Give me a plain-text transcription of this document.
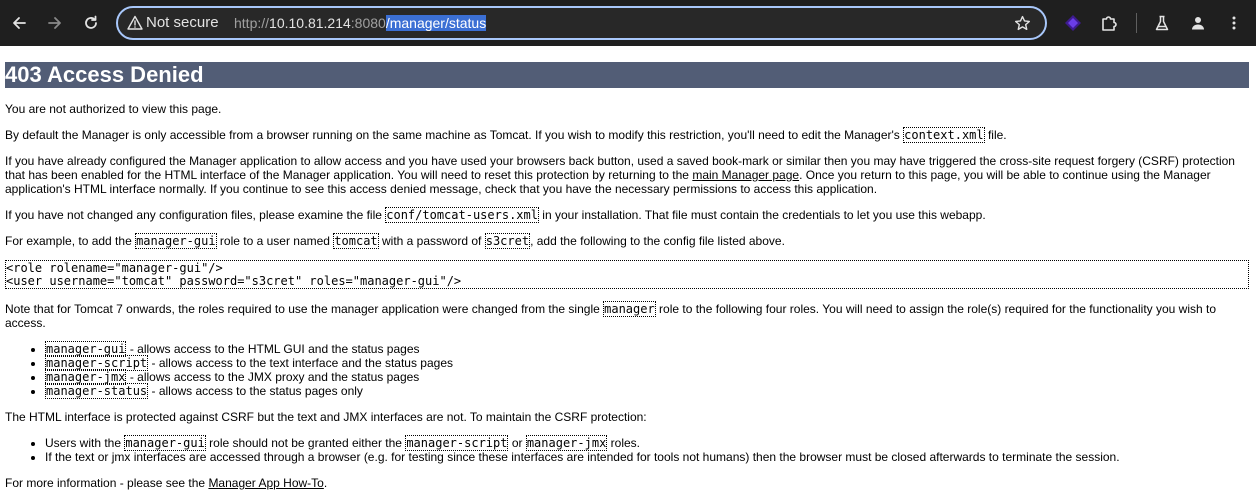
Not secure http://10.10.81.214:8080/manager/status
403 Access Denied

You are not authorized to view this page.

By default the Manager is only accessible from a browser running on the same machine as Tomcat. If you wish to modify this restriction, you'll need to edit the Manager's context.xml file.

If you have already configured the Manager application to allow access and you have used your browsers back button, used a saved book-mark or similar then you may have triggered the cross-site request forgery (CSRF) protection
that has been enabled for the HTML interface of the Manager application. You will need to reset this protection by returning to the main Manager page. Once you return to this page, you will be able to continue using the Manager
application's HTML interface normally. If you continue to see this access denied message, check that you have the necessary permissions to access this application.

If you have not changed any configuration files, please examine the file conf/tomcat-users.xml in your installation. That file must contain the credentials to let you use this webapp.

For example, to add the manager-gui role to a user named tomcat with a password of s3cret, add the following to the config file listed above.

<role rolename="manager-gui"/>
<user username="tomcat" password="s3cret" roles="manager-gui"/>

Note that for Tomcat 7 onwards, the roles required to use the manager application were changed from the single manager role to the following four roles. You will need to assign the role(s) required for the functionality you wish to
access.

• manager-gui - allows access to the HTML GUI and the status pages
• manager-script - allows access to the text interface and the status pages
• manager-jmx - allows access to the JMX proxy and the status pages
• manager-status - allows access to the status pages only

The HTML interface is protected against CSRF but the text and JMX interfaces are not. To maintain the CSRF protection:

• Users with the manager-gui role should not be granted either the manager-script or manager-jmx roles.
• If the text or jmx interfaces are accessed through a browser (e.g. for testing since these interfaces are intended for tools not humans) then the browser must be closed afterwards to terminate the session.

For more information - please see the Manager App How-To.
